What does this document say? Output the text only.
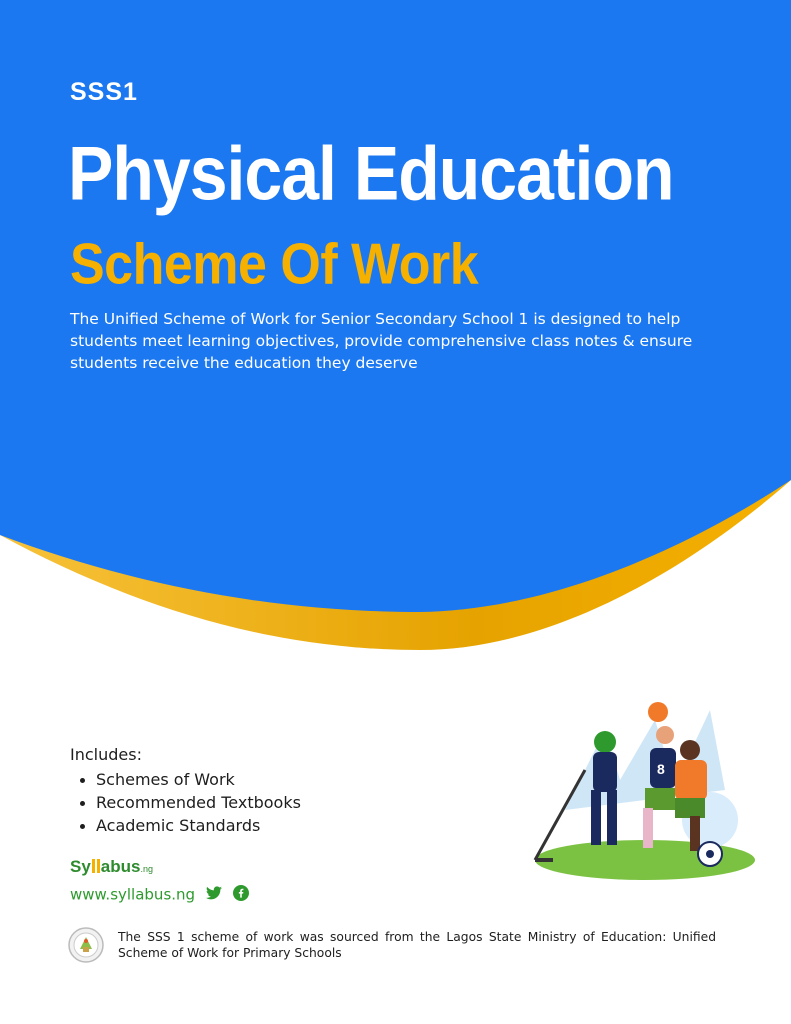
SSS1

Physical Education
Scheme Of Work

The Unified Scheme of Work for Senior Secondary School 1 is designed to help students meet learning objectives, provide comprehensive class notes & ensure students receive the education they deserve

Includes:

Schemes of Work
Recommended Textbooks
Academic Standards
8
Sy abus.ng
www.syllabus.ng

The SSS 1 scheme of work was sourced from the Lagos State Ministry of Education: Unified Scheme of Work for Primary Schools
